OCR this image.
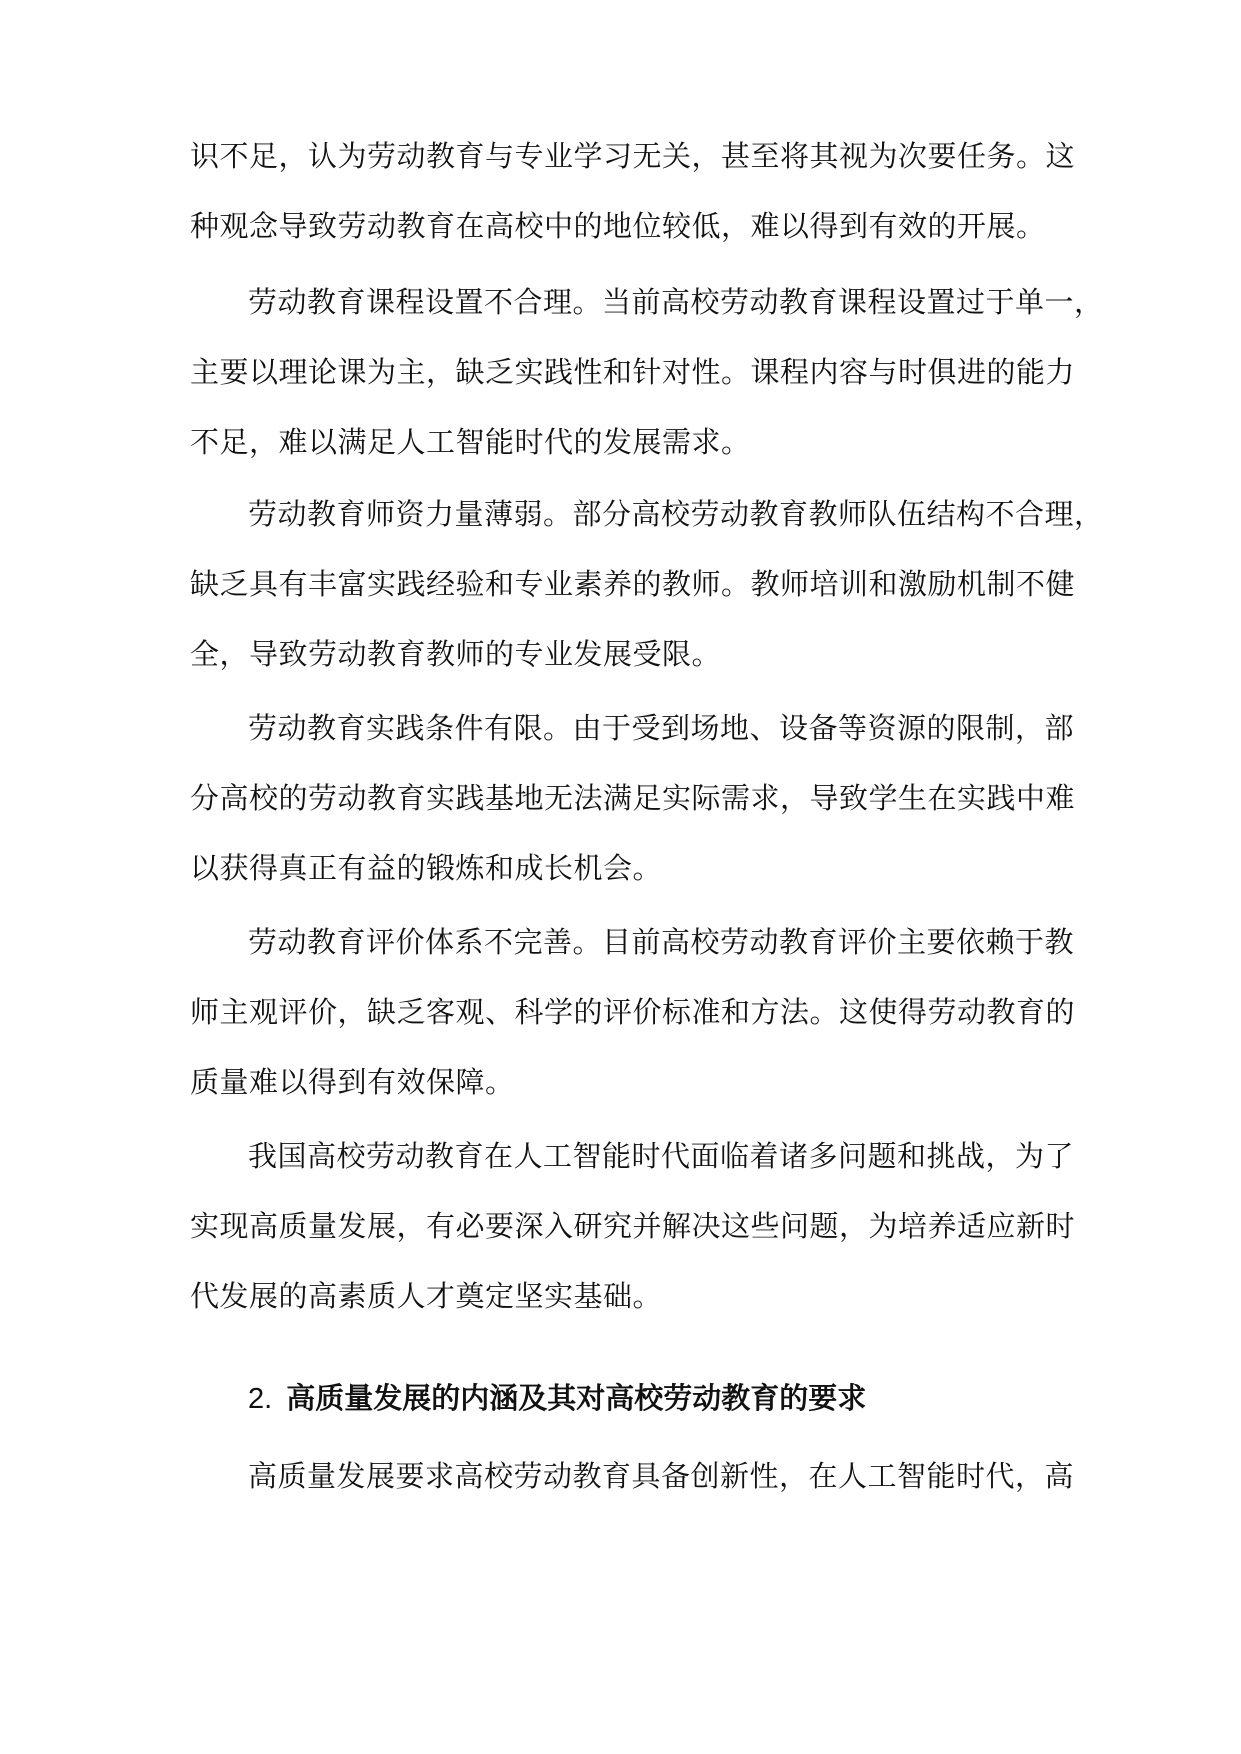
识不足，认为劳动教育与专业学习无关，甚至将其视为次要任务。这
种观念导致劳动教育在高校中的地位较低，难以得到有效的开展。
劳动教育课程设置不合理。当前高校劳动教育课程设置过于单一，
主要以理论课为主，缺乏实践性和针对性。课程内容与时俱进的能力
不足，难以满足人工智能时代的发展需求。
劳动教育师资力量薄弱。部分高校劳动教育教师队伍结构不合理，
缺乏具有丰富实践经验和专业素养的教师。教师培训和激励机制不健
全，导致劳动教育教师的专业发展受限。
劳动教育实践条件有限。由于受到场地、设备等资源的限制，部
分高校的劳动教育实践基地无法满足实际需求，导致学生在实践中难
以获得真正有益的锻炼和成长机会。
劳动教育评价体系不完善。目前高校劳动教育评价主要依赖于教
师主观评价，缺乏客观、科学的评价标准和方法。这使得劳动教育的
质量难以得到有效保障。
我国高校劳动教育在人工智能时代面临着诸多问题和挑战，为了
实现高质量发展，有必要深入研究并解决这些问题，为培养适应新时
代发展的高素质人才奠定坚实基础。
2. 高质量发展的内涵及其对高校劳动教育的要求
高质量发展要求高校劳动教育具备创新性，在人工智能时代，高
